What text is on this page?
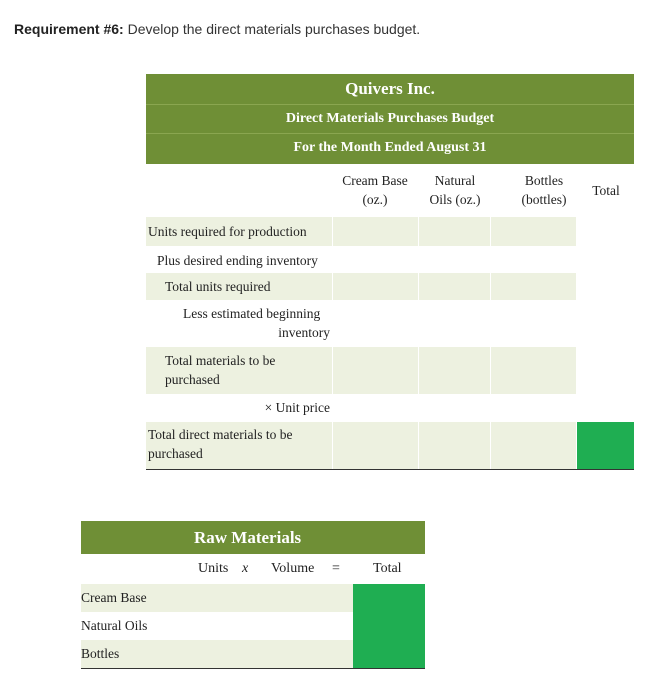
Requirement #6: Develop the direct materials purchases budget.
Quivers Inc.
Direct Materials Purchases Budget
For the Month Ended August 31
Cream Base
(oz.)
Natural
Oils (oz.)
Bottles
(bottles)
Total
Units required for production
Plus desired ending inventory
Total units required
Less estimated beginning
inventory
Total materials to be
purchased
× Unit price
Total direct materials to be
purchased
Raw Materials
Units x Volume = Total
Cream Base
Natural Oils
Bottles
